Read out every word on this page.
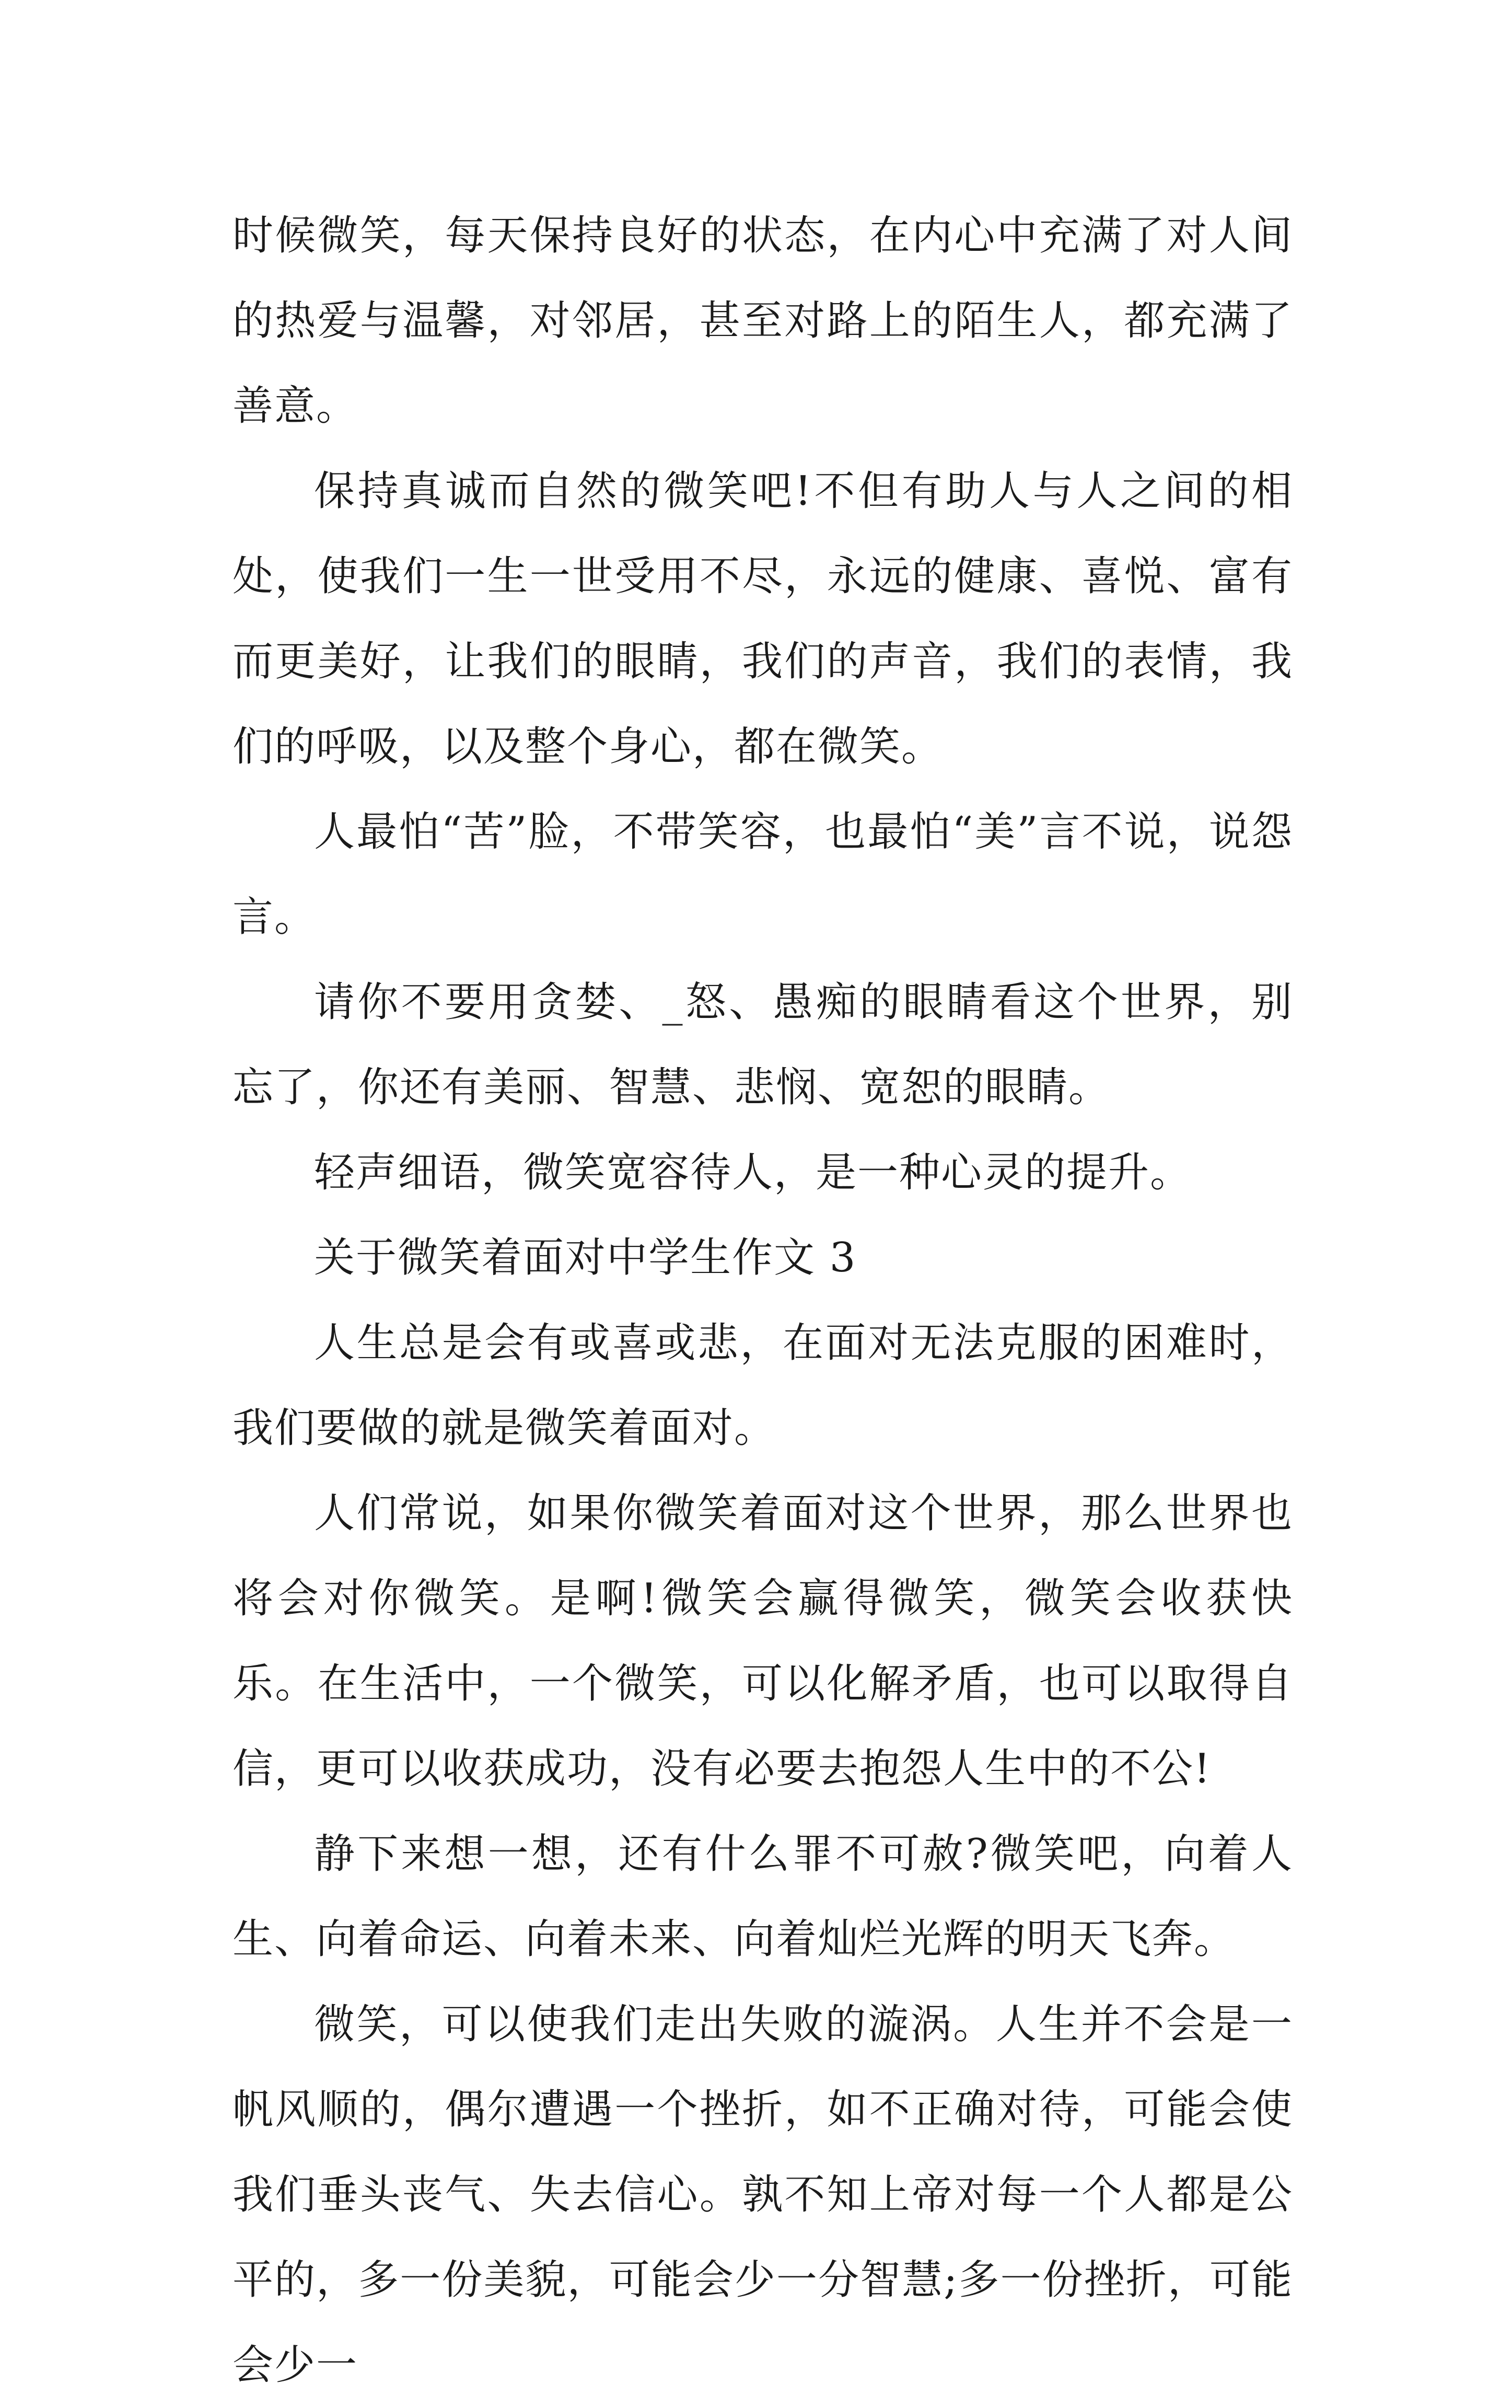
时候微笑，每天保持良好的状态，在内心中充满了对人间的热爱与温馨，对邻居，甚至对路上的陌生人，都充满了善意。

保持真诚而自然的微笑吧!不但有助人与人之间的相处，使我们一生一世受用不尽，永远的健康、喜悦、富有而更美好，让我们的眼睛，我们的声音，我们的表情，我们的呼吸，以及整个身心，都在微笑。

人最怕“苦”脸，不带笑容，也最怕“美”言不说，说怨言。

请你不要用贪婪、_怒、愚痴的眼睛看这个世界，别忘了，你还有美丽、智慧、悲悯、宽恕的眼睛。

轻声细语，微笑宽容待人，是一种心灵的提升。

关于微笑着面对中学生作文 3

人生总是会有或喜或悲，在面对无法克服的困难时，我们要做的就是微笑着面对。

人们常说，如果你微笑着面对这个世界，那么世界也将会对你微笑。是啊!微笑会赢得微笑，微笑会收获快乐。在生活中，一个微笑，可以化解矛盾，也可以取得自信，更可以收获成功，没有必要去抱怨人生中的不公!

静下来想一想，还有什么罪不可赦?微笑吧，向着人生、向着命运、向着未来、向着灿烂光辉的明天飞奔。

微笑，可以使我们走出失败的漩涡。人生并不会是一帆风顺的，偶尔遭遇一个挫折，如不正确对待，可能会使我们垂头丧气、失去信心。孰不知上帝对每一个人都是公平的，多一份美貌，可能会少一分智慧;多一份挫折，可能会少一
